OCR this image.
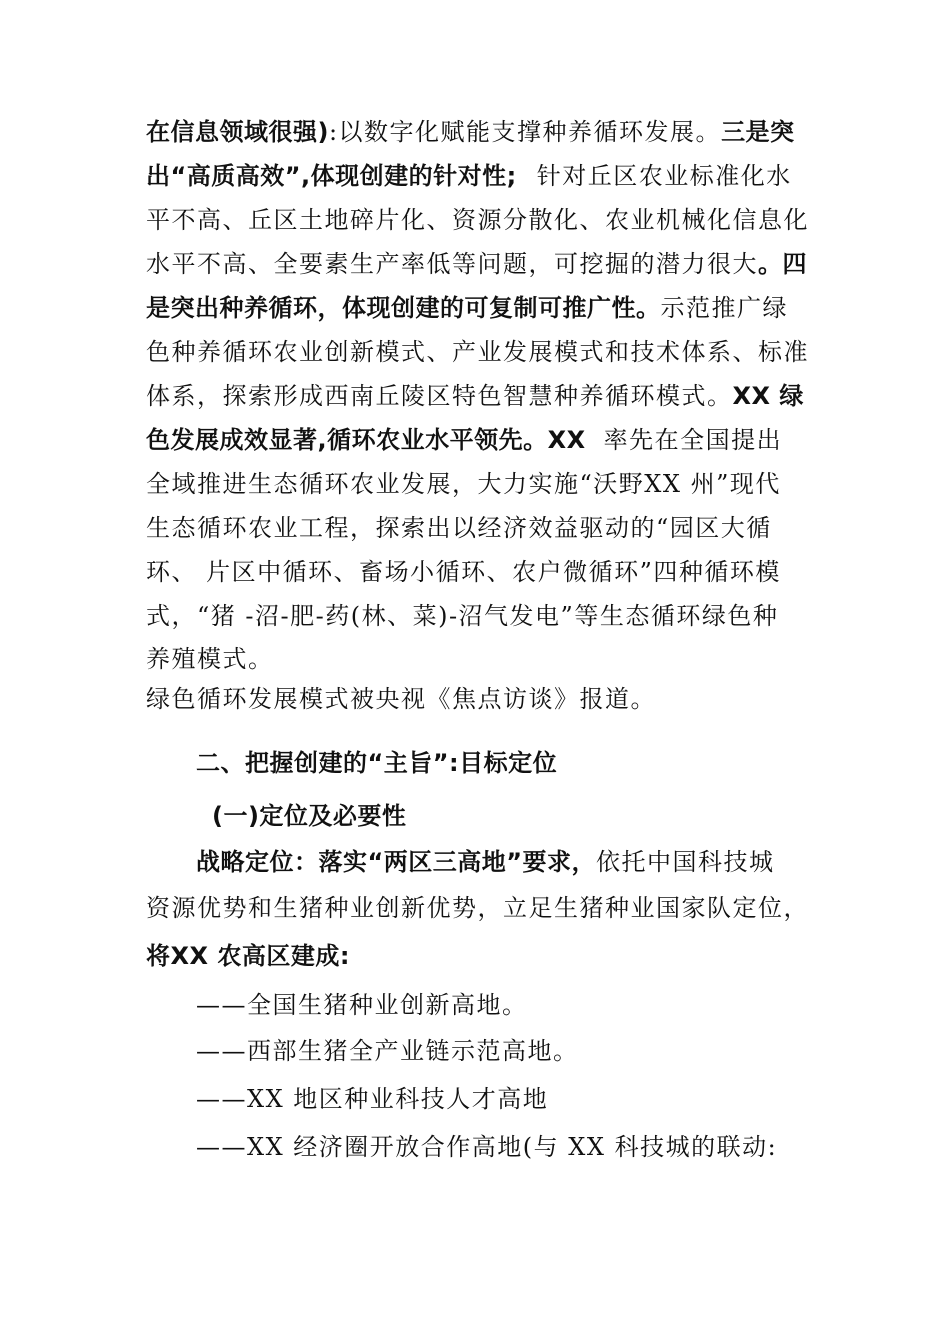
在信息领域很强):以数字化赋能支撑种养循环发展。三是突
出“高质高效”,体现创建的针对性; 针对丘区农业标准化水
平不高、丘区土地碎片化、资源分散化、农业机械化信息化
水平不高、全要素生产率低等问题，可挖掘的潜力很大。四
是突出种养循环，体现创建的可复制可推广性。示范推广绿
色种养循环农业创新模式、产业发展模式和技术体系、标准
体系，探索形成西南丘陵区特色智慧种养循环模式。XX 绿
色发展成效显著,循环农业水平领先。XX 率先在全国提出
全域推进生态循环农业发展，大力实施“沃野XX 州”现代
生态循环农业工程，探索出以经济效益驱动的“园区大循
环、 片区中循环、畜场小循环、农户微循环”四种循环模
式，“猪 -沼-肥-药(林、菜)-沼气发电”等生态循环绿色种
养殖模式。
绿色循环发展模式被央视《焦点访谈》报道。
二、把握创建的“主旨”:目标定位
(一)定位及必要性
战略定位：落实“两区三高地”要求，依托中国科技城
资源优势和生猪种业创新优势，立足生猪种业国家队定位，
将XX 农高区建成:
——全国生猪种业创新高地。
——西部生猪全产业链示范高地。
——XX 地区种业科技人才高地
——XX 经济圈开放合作高地(与 XX 科技城的联动:
